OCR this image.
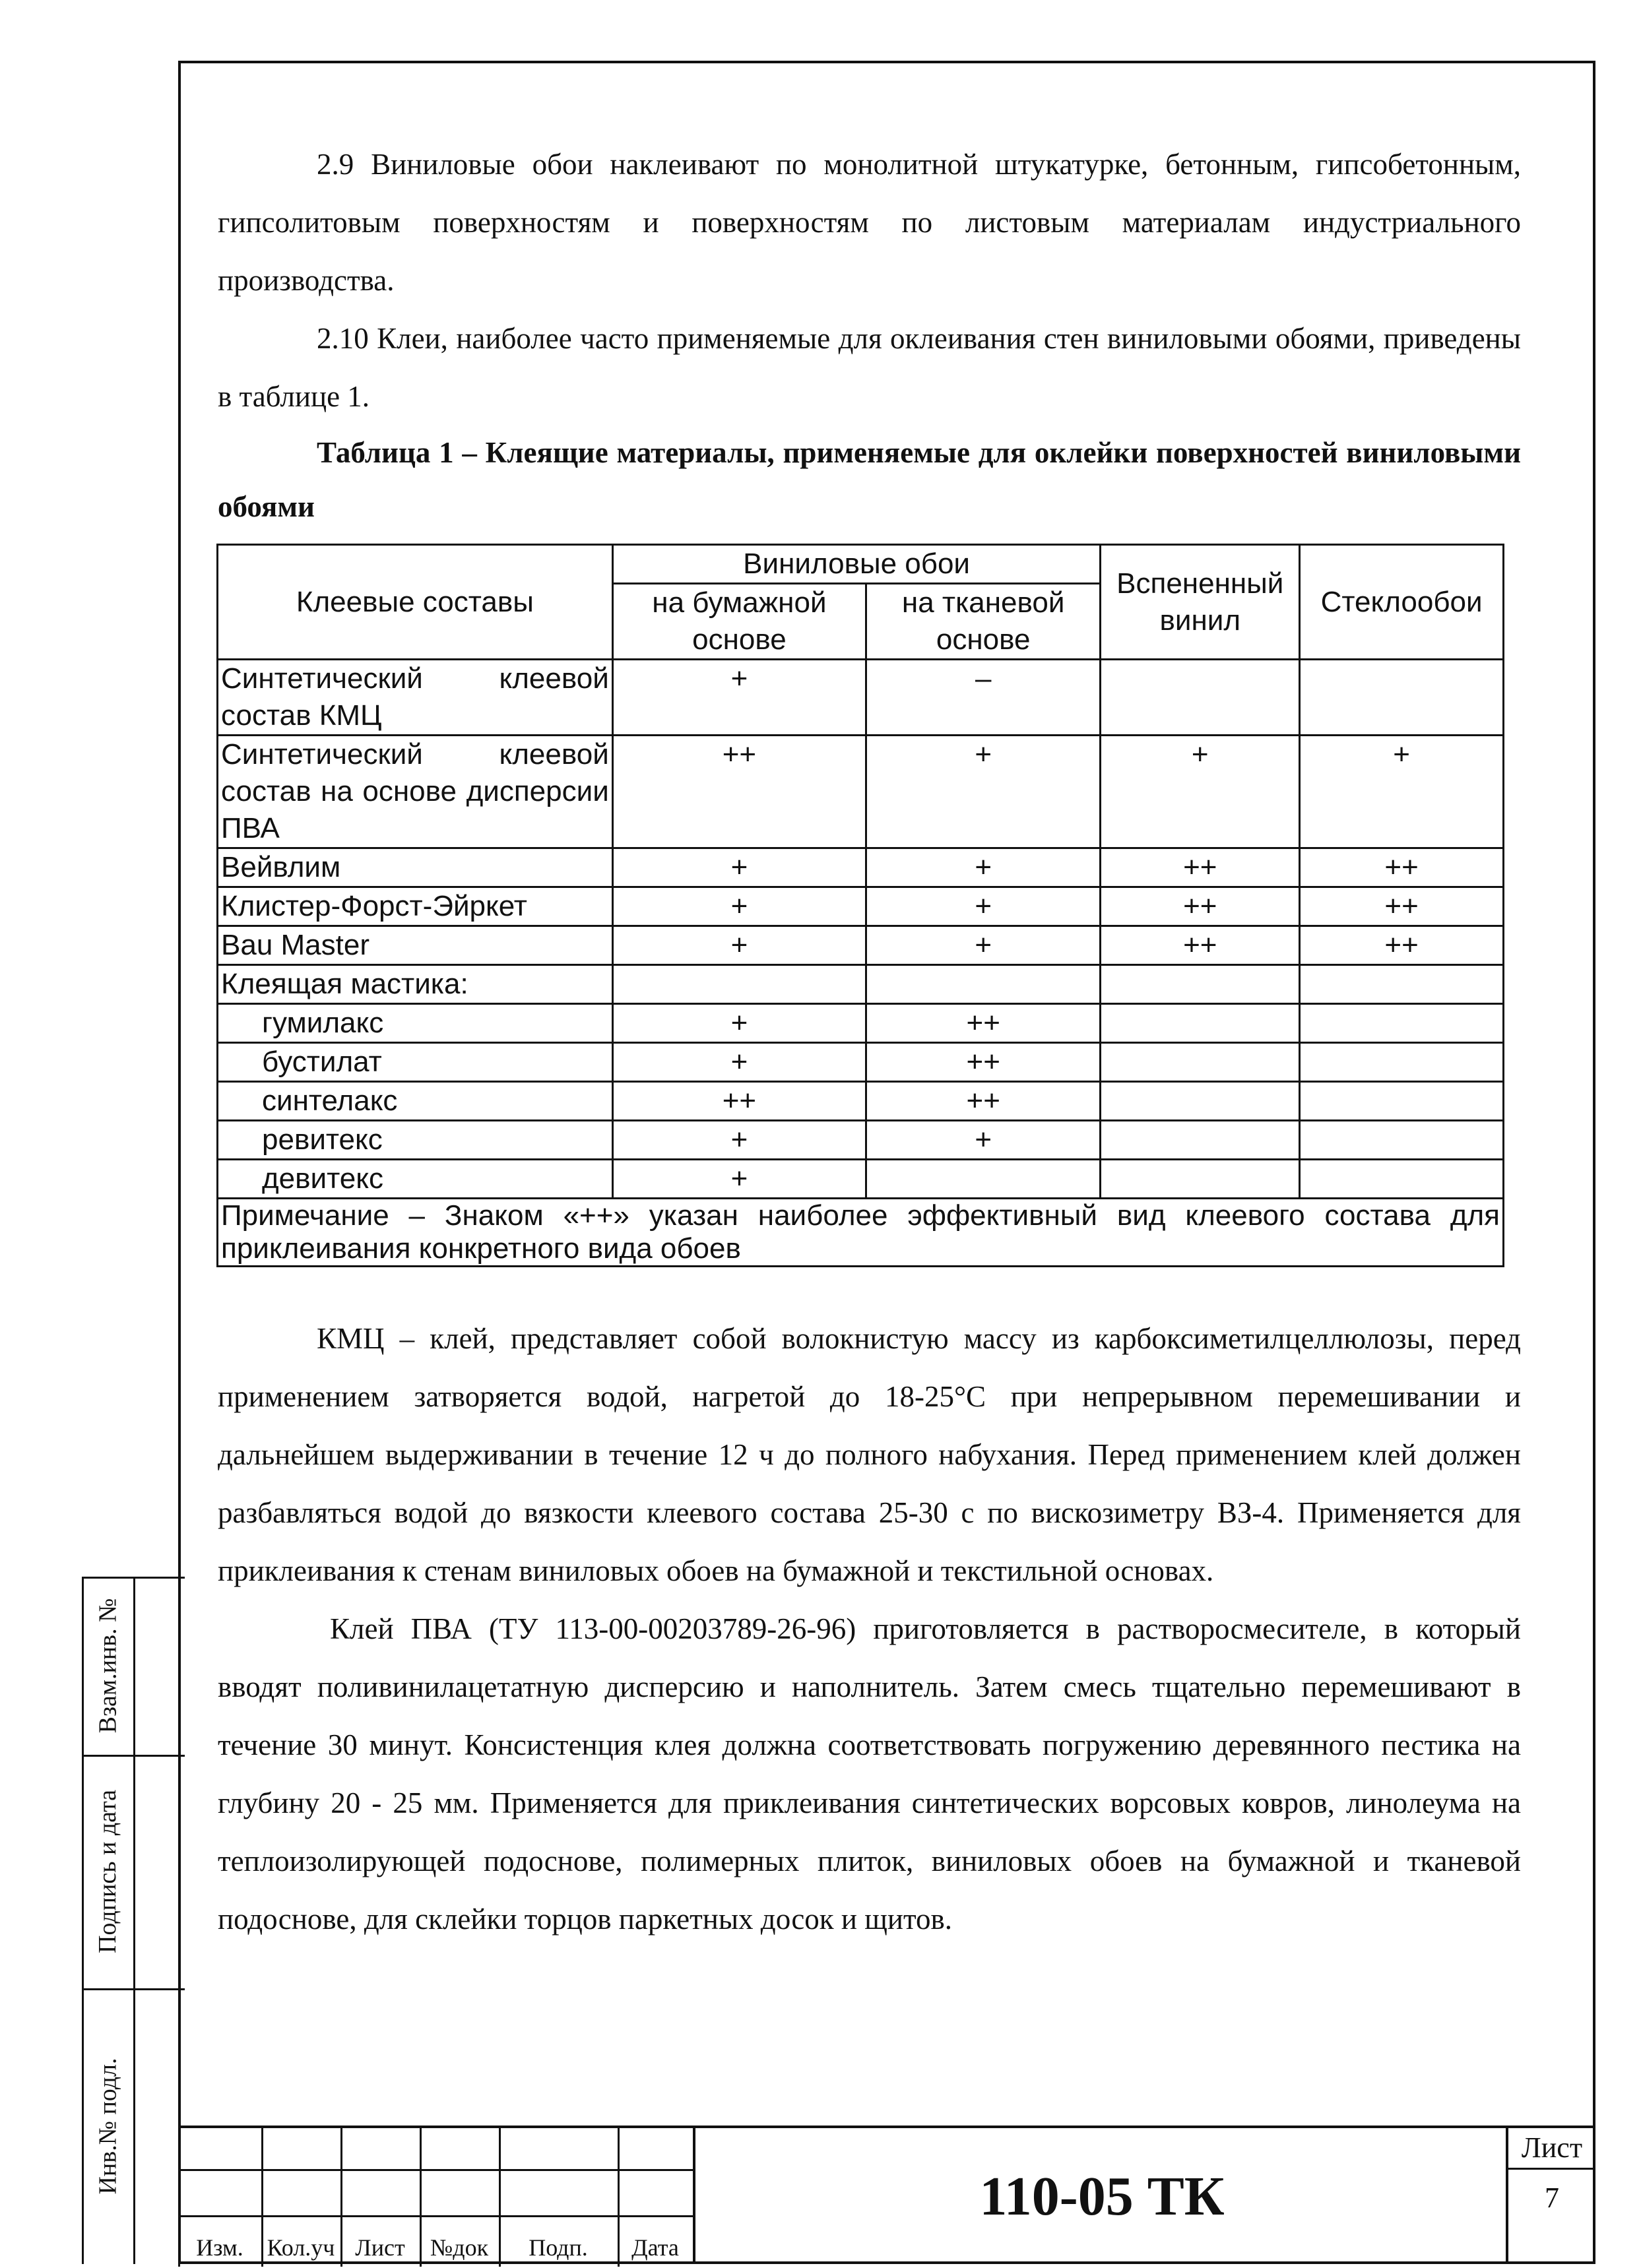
Взам.инв. №
Подпись и дата
Инв.№ подл.

2.9 Виниловые обои наклеивают по монолитной штукатурке, бетонным, гипсобетонным, гипсолитовым поверхностям и поверхностям по листовым материалам индустриального производства.

2.10 Клеи, наиболее часто применяемые для оклеивания стен виниловыми обоями, приведены в таблице 1.

Таблица 1 – Клеящие материалы, применяемые для оклейки поверхностей виниловыми обоями

Клеевые составы	Виниловые обои		Вспененный винил	Стеклообои
	на бумажной основе	на тканевой основе		
Синтетический клеевой состав КМЦ	+	–		
Синтетический клеевой состав на основе дисперсии ПВА	++	+	+	+
Вейвлим	+	+	++	++
Клистер-Форст-Эйркет	+	+	++	++
Bau Master	+	+	++	++
Клеящая мастика:				
гумилакс	+	++		
бустилат	+	++		
синтелакс	++	++		
ревитекс	+	+		
девитекс	+			
Примечание – Знаком «++» указан наиболее эффективный вид клеевого состава для приклеивания конкретного вида обоев				

КМЦ – клей, представляет собой волокнистую массу из карбоксиметилцеллюлозы, перед применением затворяется водой, нагретой до 18-25°С при непрерывном перемешивании и дальнейшем выдерживании в течение 12 ч до полного набухания. Перед применением клей должен разбавляться водой до вязкости клеевого состава 25-30 с по вискозиметру ВЗ-4. Применяется для приклеивания к стенам виниловых обоев на бумажной и текстильной основах.

Клей ПВА (ТУ 113-00-00203789-26-96) приготовляется в растворосмесителе, в который вводят поливинилацетатную дисперсию и наполнитель. Затем смесь тщательно перемешивают в течение 30 минут. Консистенция клея должна соответствовать погружению деревянного пестика на глубину 20 - 25 мм. Применяется для приклеивания синтетических ворсовых ковров, линолеума на теплоизолирующей подоснове, полимерных плиток, виниловых обоев на бумажной и тканевой подоснове, для склейки торцов паркетных досок и щитов.

Изм. Кол.уч Лист	№док	Подп.	Дата
110-05 ТК
Лист
7
